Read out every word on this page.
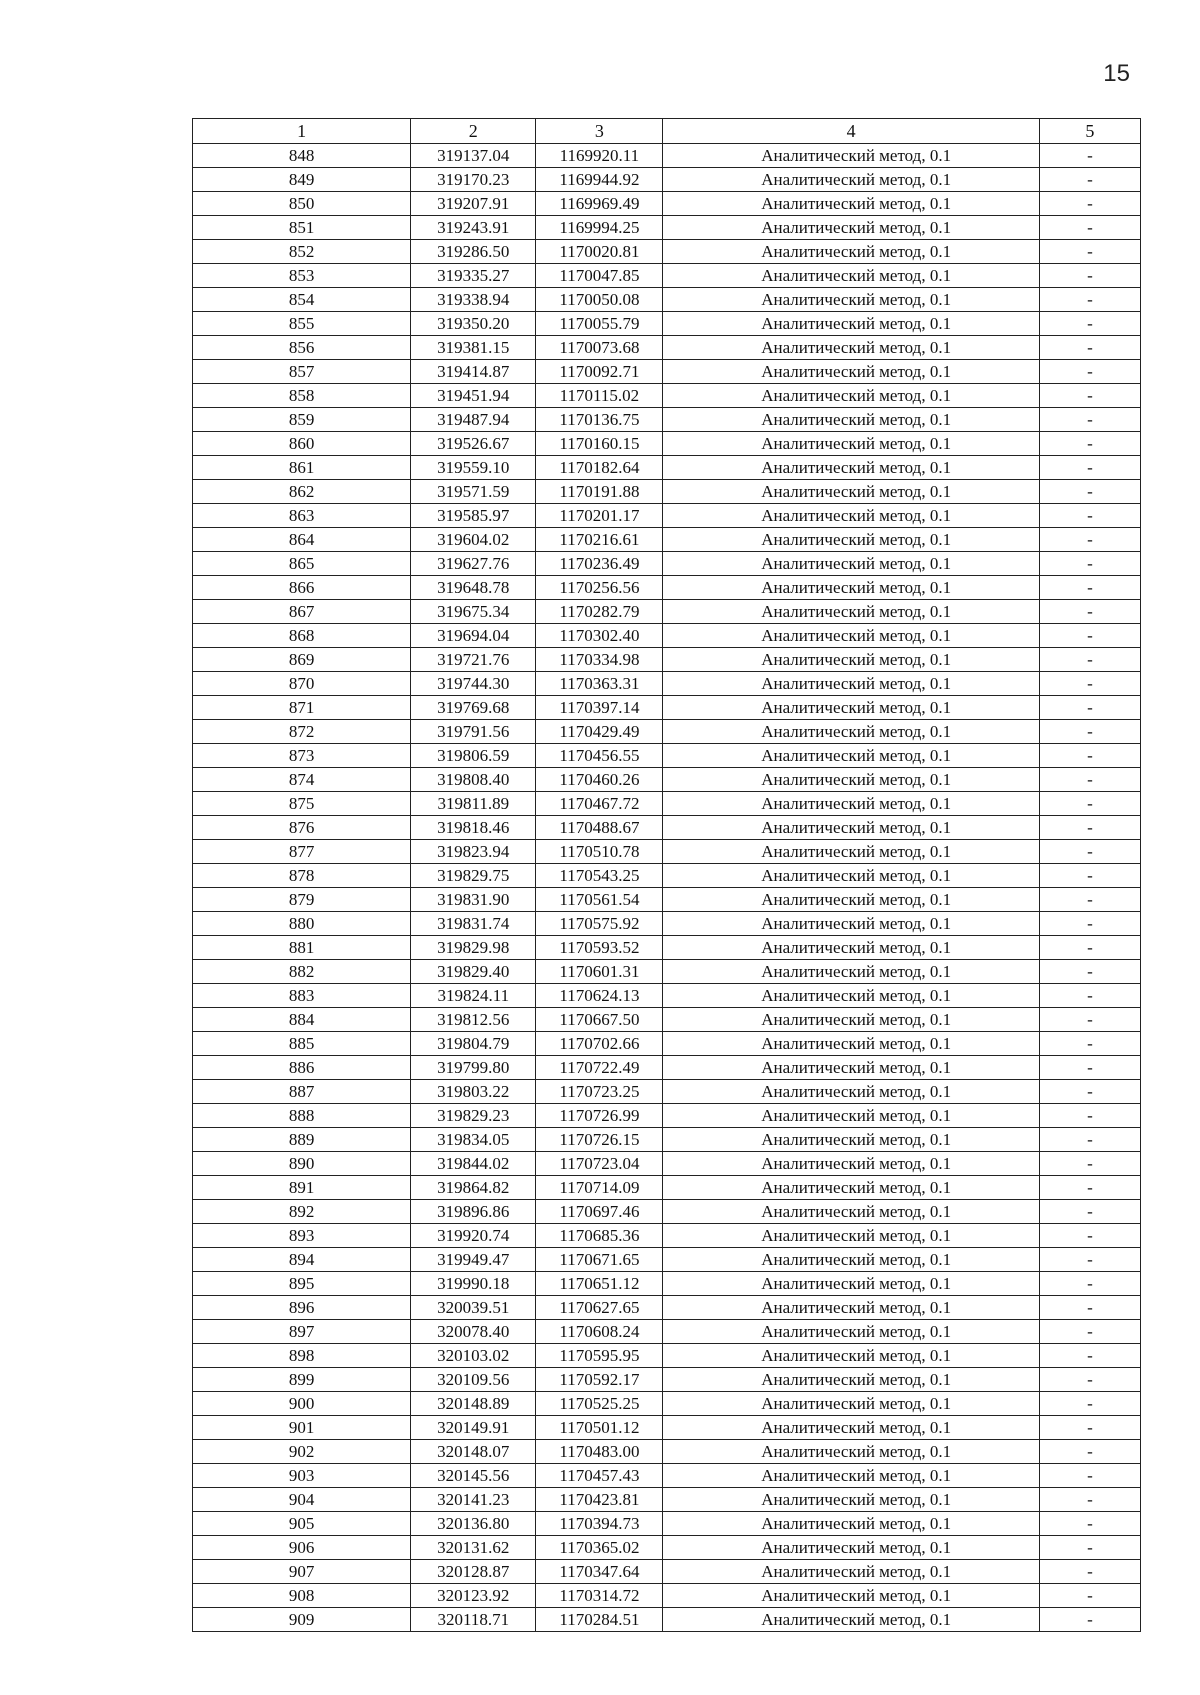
15
1	2	3	4	5
848	319137.04	1169920.11	Аналитический метод, 0.1	-
849	319170.23	1169944.92	Аналитический метод, 0.1	-
850	319207.91	1169969.49	Аналитический метод, 0.1	-
851	319243.91	1169994.25	Аналитический метод, 0.1	-
852	319286.50	1170020.81	Аналитический метод, 0.1	-
853	319335.27	1170047.85	Аналитический метод, 0.1	-
854	319338.94	1170050.08	Аналитический метод, 0.1	-
855	319350.20	1170055.79	Аналитический метод, 0.1	-
856	319381.15	1170073.68	Аналитический метод, 0.1	-
857	319414.87	1170092.71	Аналитический метод, 0.1	-
858	319451.94	1170115.02	Аналитический метод, 0.1	-
859	319487.94	1170136.75	Аналитический метод, 0.1	-
860	319526.67	1170160.15	Аналитический метод, 0.1	-
861	319559.10	1170182.64	Аналитический метод, 0.1	-
862	319571.59	1170191.88	Аналитический метод, 0.1	-
863	319585.97	1170201.17	Аналитический метод, 0.1	-
864	319604.02	1170216.61	Аналитический метод, 0.1	-
865	319627.76	1170236.49	Аналитический метод, 0.1	-
866	319648.78	1170256.56	Аналитический метод, 0.1	-
867	319675.34	1170282.79	Аналитический метод, 0.1	-
868	319694.04	1170302.40	Аналитический метод, 0.1	-
869	319721.76	1170334.98	Аналитический метод, 0.1	-
870	319744.30	1170363.31	Аналитический метод, 0.1	-
871	319769.68	1170397.14	Аналитический метод, 0.1	-
872	319791.56	1170429.49	Аналитический метод, 0.1	-
873	319806.59	1170456.55	Аналитический метод, 0.1	-
874	319808.40	1170460.26	Аналитический метод, 0.1	-
875	319811.89	1170467.72	Аналитический метод, 0.1	-
876	319818.46	1170488.67	Аналитический метод, 0.1	-
877	319823.94	1170510.78	Аналитический метод, 0.1	-
878	319829.75	1170543.25	Аналитический метод, 0.1	-
879	319831.90	1170561.54	Аналитический метод, 0.1	-
880	319831.74	1170575.92	Аналитический метод, 0.1	-
881	319829.98	1170593.52	Аналитический метод, 0.1	-
882	319829.40	1170601.31	Аналитический метод, 0.1	-
883	319824.11	1170624.13	Аналитический метод, 0.1	-
884	319812.56	1170667.50	Аналитический метод, 0.1	-
885	319804.79	1170702.66	Аналитический метод, 0.1	-
886	319799.80	1170722.49	Аналитический метод, 0.1	-
887	319803.22	1170723.25	Аналитический метод, 0.1	-
888	319829.23	1170726.99	Аналитический метод, 0.1	-
889	319834.05	1170726.15	Аналитический метод, 0.1	-
890	319844.02	1170723.04	Аналитический метод, 0.1	-
891	319864.82	1170714.09	Аналитический метод, 0.1	-
892	319896.86	1170697.46	Аналитический метод, 0.1	-
893	319920.74	1170685.36	Аналитический метод, 0.1	-
894	319949.47	1170671.65	Аналитический метод, 0.1	-
895	319990.18	1170651.12	Аналитический метод, 0.1	-
896	320039.51	1170627.65	Аналитический метод, 0.1	-
897	320078.40	1170608.24	Аналитический метод, 0.1	-
898	320103.02	1170595.95	Аналитический метод, 0.1	-
899	320109.56	1170592.17	Аналитический метод, 0.1	-
900	320148.89	1170525.25	Аналитический метод, 0.1	-
901	320149.91	1170501.12	Аналитический метод, 0.1	-
902	320148.07	1170483.00	Аналитический метод, 0.1	-
903	320145.56	1170457.43	Аналитический метод, 0.1	-
904	320141.23	1170423.81	Аналитический метод, 0.1	-
905	320136.80	1170394.73	Аналитический метод, 0.1	-
906	320131.62	1170365.02	Аналитический метод, 0.1	-
907	320128.87	1170347.64	Аналитический метод, 0.1	-
908	320123.92	1170314.72	Аналитический метод, 0.1	-
909	320118.71	1170284.51	Аналитический метод, 0.1	-
